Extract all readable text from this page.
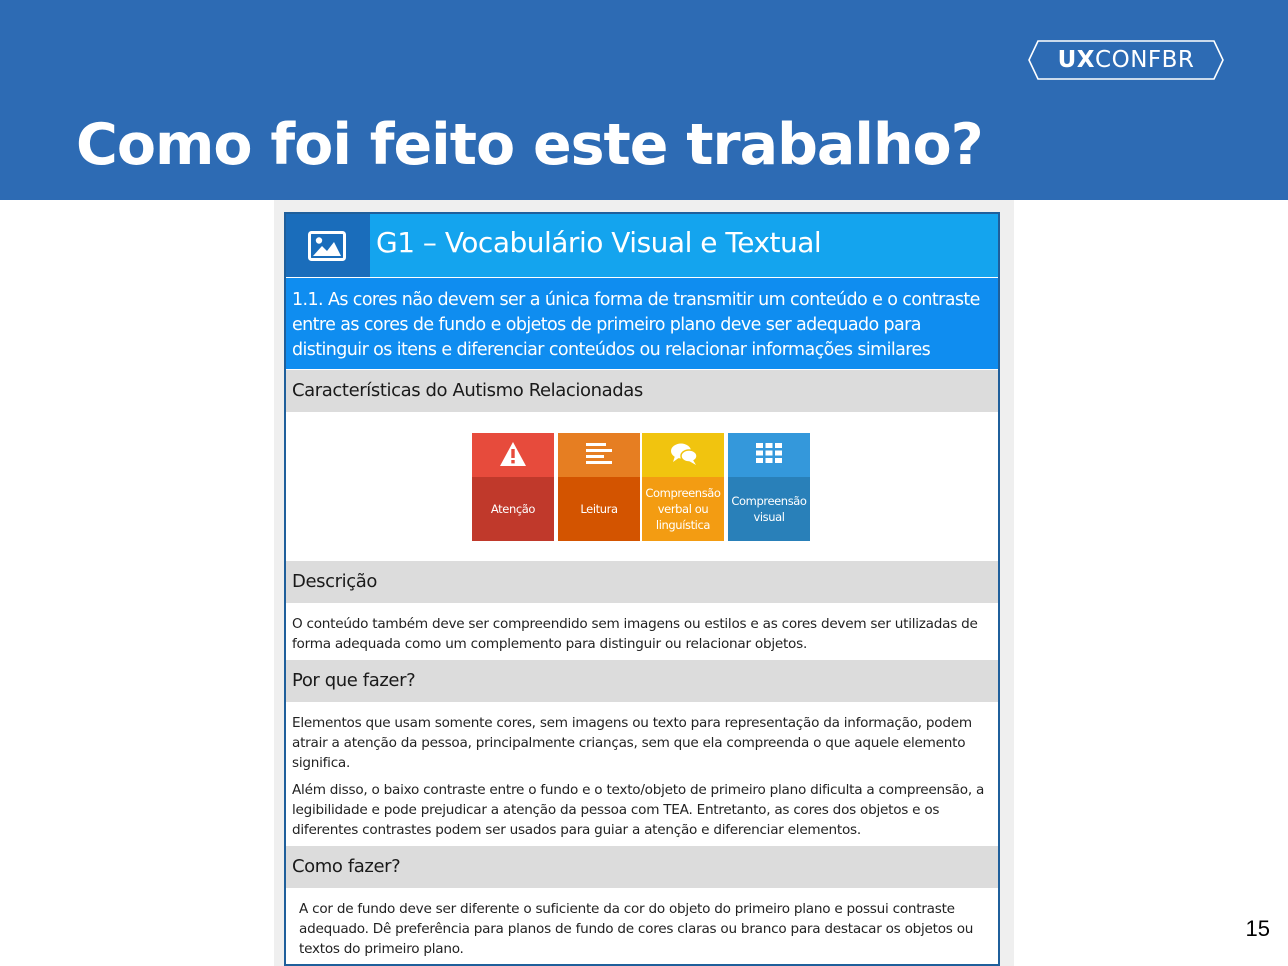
Como foi feito este trabalho?
UXCONFBR
G1 – Vocabulário Visual e Textual
1.1. As cores não devem ser a única forma de transmitir um conteúdo e o contraste entre as cores de fundo e objetos de primeiro plano deve ser adequado para distinguir os itens e diferenciar conteúdos ou relacionar informações similares
Características do Autismo Relacionadas
Atenção	Leitura
Compreensão verbal ou linguística
Compreensão visual
Descrição
O conteúdo também deve ser compreendido sem imagens ou estilos e as cores devem ser utilizadas de forma adequada como um complemento para distinguir ou relacionar objetos.
Por que fazer?
Elementos que usam somente cores, sem imagens ou texto para representação da informação, podem atrair a atenção da pessoa, principalmente crianças, sem que ela compreenda o que aquele elemento significa.
Além disso, o baixo contraste entre o fundo e o texto/objeto de primeiro plano dificulta a compreensão, a legibilidade e pode prejudicar a atenção da pessoa com TEA. Entretanto, as cores dos objetos e os diferentes contrastes podem ser usados para guiar a atenção e diferenciar elementos.
Como fazer?
A cor de fundo deve ser diferente o suficiente da cor do objeto do primeiro plano e possui contraste adequado. Dê preferência para planos de fundo de cores claras ou branco para destacar os objetos ou textos do primeiro plano.
15
